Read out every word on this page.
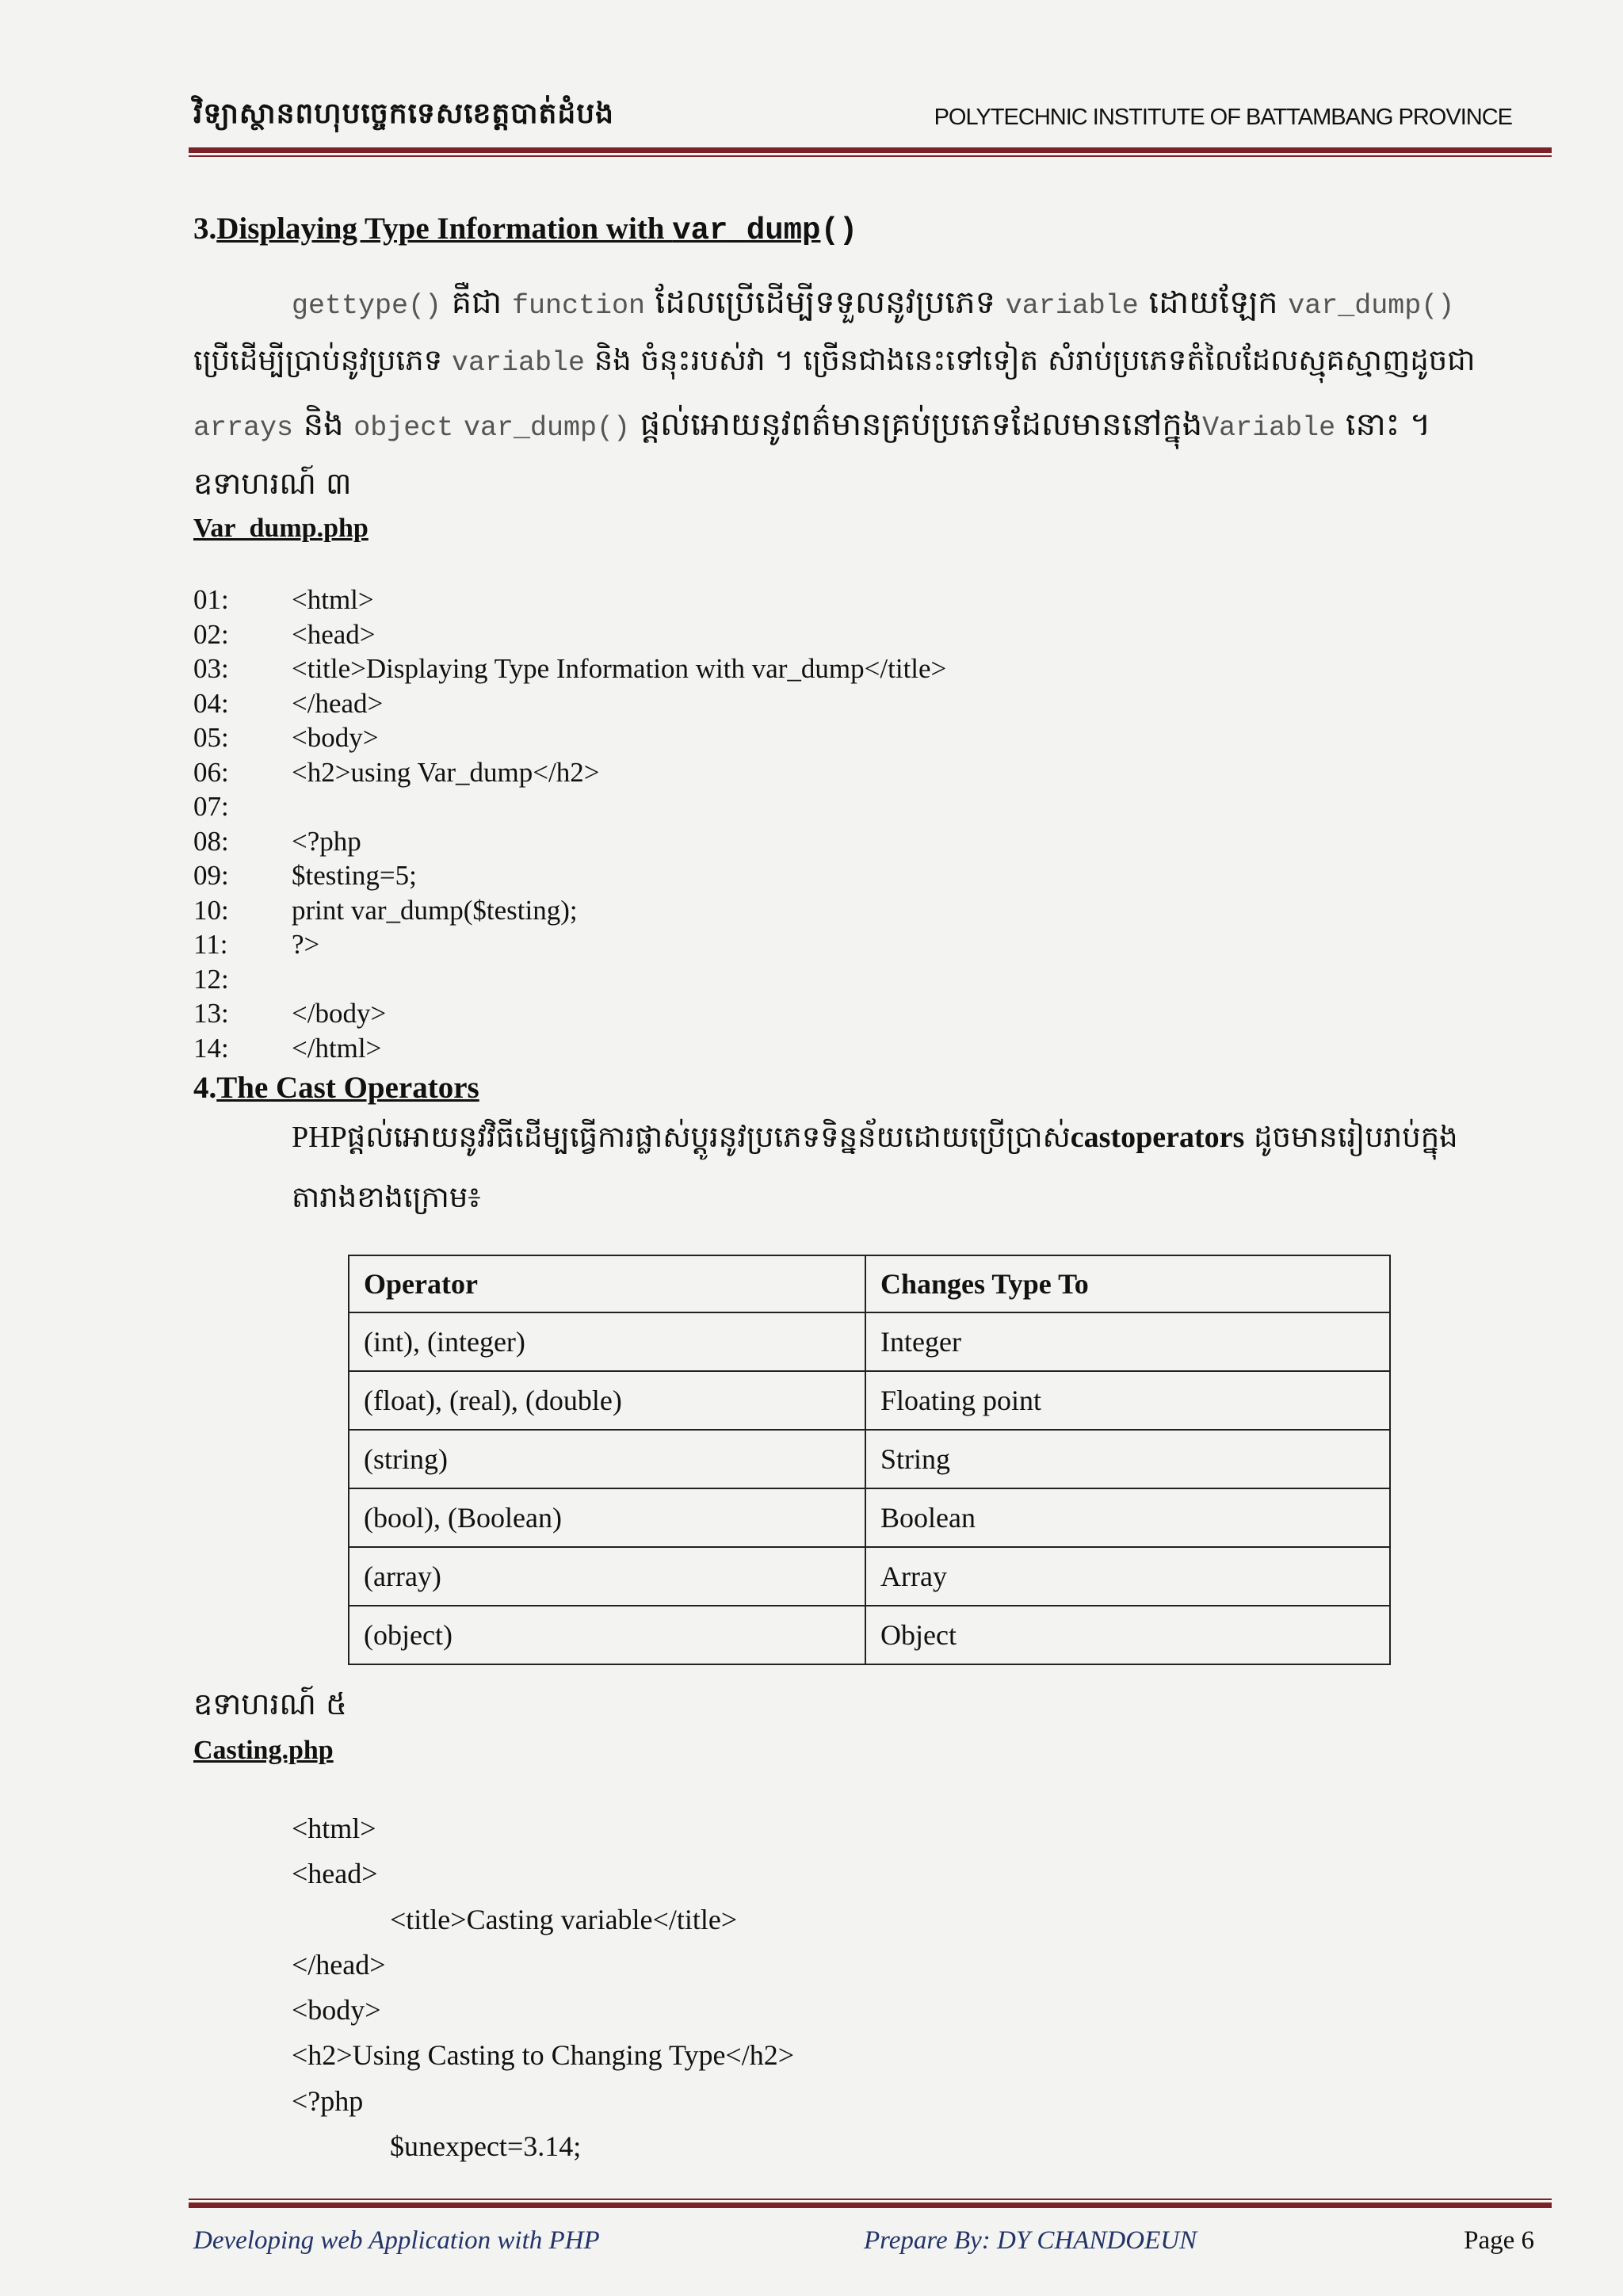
វិទ្យាស្ថានពហុបច្ចេកទេសខេត្តបាត់ដំបង	POLYTECHNIC INSTITUTE OF BATTAMBANG PROVINCE
3.Displaying Type Information with var_dump()
gettype() គឺជា function ដែលប្រើដើម្បីទទួលនូវប្រភេទ variable ដោយឡែក var_dump()
ប្រើដើម្បីប្រាប់នូវប្រភេទ variable និង ចំនុះរបស់វា ។ ច្រើនជាងនេះទៅទៀត សំរាប់ប្រភេទតំលៃដែលស្មុគស្មាញដូចជា
arrays និង object var_dump() ផ្តល់អោយនូវពត៌មានគ្រប់ប្រភេទដែលមាននៅក្នុងVariable នោះ ។
ឧទាហរណ៍ ៣
Var_dump.php
01:	<html>
02:	<head>
03:	<title>Displaying Type Information with var_dump</title>
04:	</head>
05:	<body>
06:	<h2>using Var_dump</h2>
07:
08:	<?php
09:	$testing=5;
10:	print var_dump($testing);
11:	?>
12:
13:	</body>
14:	</html>
4.The Cast Operators
PHPផ្តល់អោយនូវវិធីដើម្បធ្វើការផ្លាស់ប្តូរនូវប្រភេទទិន្នន័យដោយប្រើប្រាស់castoperators ដូចមានរៀបរាប់ក្នុង
តារាងខាងក្រោម៖
Operator	Changes Type To
(int), (integer)	Integer
(float), (real), (double)	Floating point
(string)	String
(bool), (Boolean)	Boolean
(array)	Array
(object)	Object
ឧទាហរណ៍ ៥
Casting.php
<html>
<head>
<title>Casting variable</title>
</head>
<body>
<h2>Using Casting to Changing Type</h2>
<?php
$unexpect=3.14;
Developing web Application with PHP	Prepare By: DY CHANDOEUN	Page 6
